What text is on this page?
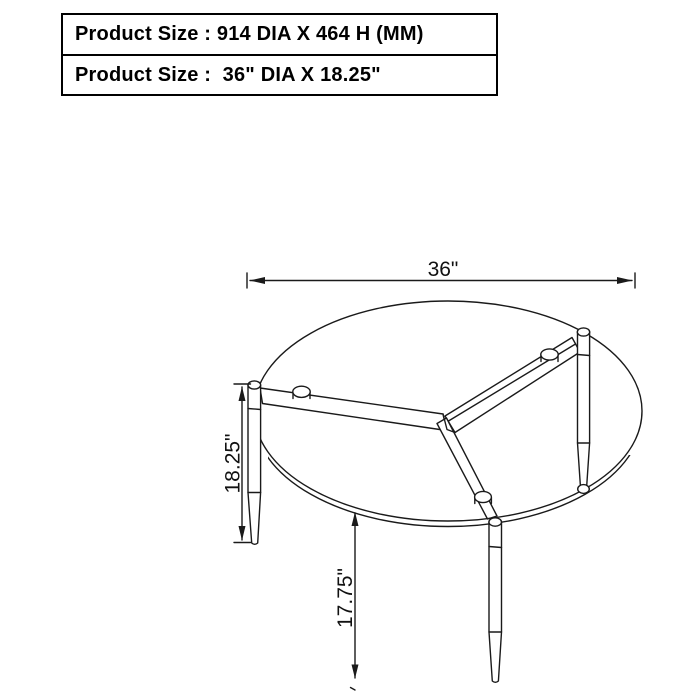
Product Size : 914 DIA X 464 H (MM)
Product Size :  36" DIA X 18.25"
36"
18.25"
17.75"
